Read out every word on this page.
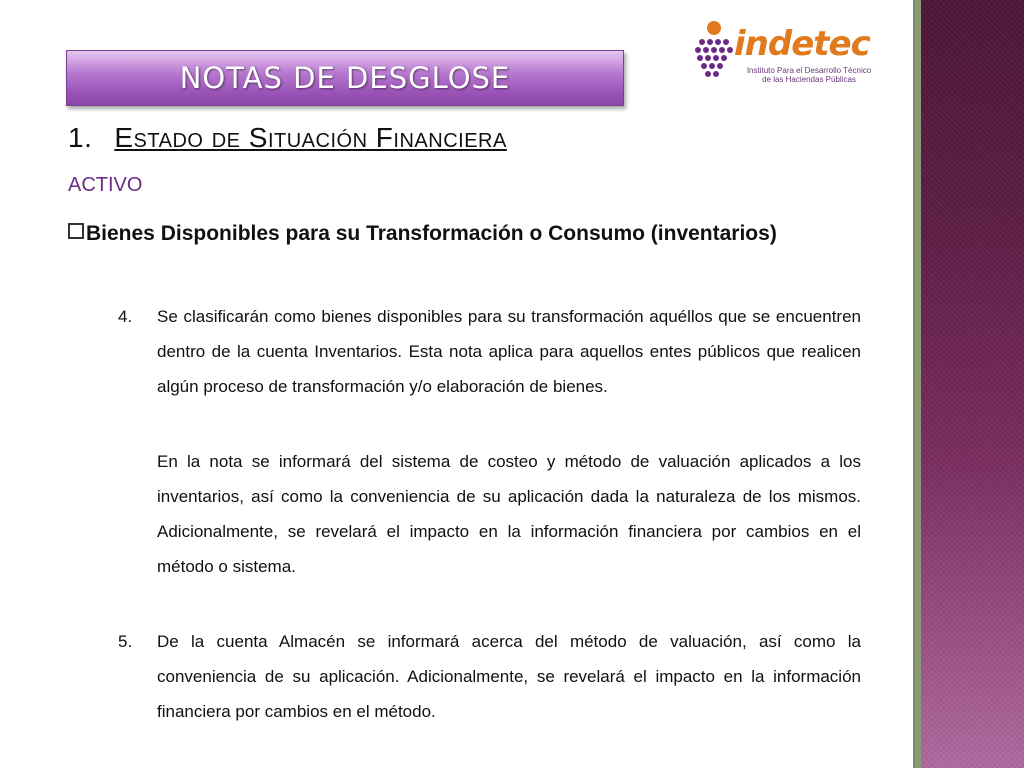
NOTAS DE DESGLOSE
indetec
Instituto Para el Desarrollo Técnico
de las Haciendas Públicas
1. Estado de Situación Financiera
ACTIVO
Bienes Disponibles para su Transformación o Consumo (inventarios)
4. Se clasificarán como bienes disponibles para su transformación aquéllos que se encuentren dentro de la cuenta Inventarios. Esta nota aplica para aquellos entes públicos que realicen algún proceso de transformación y/o elaboración de bienes.
En la nota se informará del sistema de costeo y método de valuación aplicados a los inventarios, así como la conveniencia de su aplicación dada la naturaleza de los mismos. Adicionalmente, se revelará el impacto en la información financiera por cambios en el método o sistema.
5. De la cuenta Almacén se informará acerca del método de valuación, así como la conveniencia de su aplicación. Adicionalmente, se revelará el impacto en la información financiera por cambios en el método.
